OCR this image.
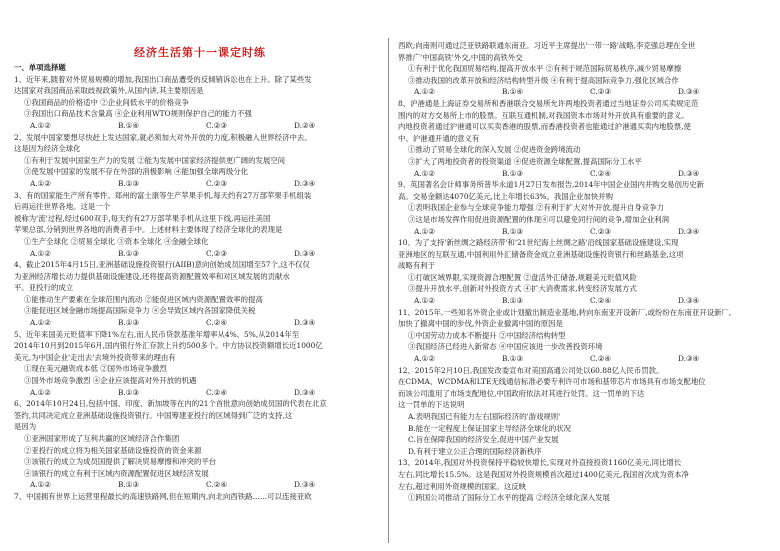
经济生活第十一课定时练

一、单项选择题

1、近年来,随着对外贸易规模的增加,我国出口商品遭受的反倾销诉讼也在上升。除了某些发

达国家对我国商品采取歧视政策外,从国内讲,其主要原因是

①我国商品的价格适中 ②企业间低水平的价格竞争

③我国出口商品技术含量高 ④企业利用WTO规则保护自己的能力不强

A.①②	B.①④	C.②③	D.②④

2、发展中国家要想尽快赶上发达国家,就必须加大对外开放的力度,积极融入世界经济中去。

这是因为经济全球化

①有利于发展中国家生产力的发展 ②能为发展中国家经济提供更广阔的发展空间

③使发展中国家的发展不存在外部的消极影响 ④能加强全球两级分化

A.①②	B.①③	C.②③	D.③④

3、有的国家能生产所有零件。郑州的富士康等生产苹果手机,每天约有27万部苹果手机组装

后再运往世界各地。这是一个

被称为'流'过程,经过600双手,每天约有27万部苹果手机从这里下线,再运往美国

苹果总部,分销到世界各地的消费者手中。上述材料主要体现了经济全球化的表现是

①生产全球化 ②贸易全球化 ③资本全球化 ④金融全球化

A.①②	B.①③	C.②③	D.③④

4、截止2015年4月15日,亚洲基础设施投资银行(AIIB)意向创始成员国增至57个,这不仅仅

为亚洲经济增长动力提供基础设施建设,还将提高资源配置效率和对区域发展的贡献水

平。亚投行的成立

①能推动生产要素在全球范围内流动 ②能促进区域内资源配置效率的提高

③能促进区域金融市场提高国际竞争力 ④会导致区域内各国家降低关税

A.①②	B.①③	C.②④	D.③④

5、近年来国美元贬值率下降1%左右,而人民币贷款基准年增率从4%、5%,从2014年至

2014年10月到2015年6月,国内银行外汇存款上升约500多个。中方协议投资额增长近1000亿

美元,为中国企业'走出去'去境外投资带来的理由有

①现在美元融资成本低 ②国外市场竞争激烈

③国外市场竞争激烈 ④企业应该提高对外开放的机遇

A.①②	B.①③	C.②④	D.③④

6、2014年10月24日,包括中国、印度、新加坡等在内的21个首批意向创始成员国的代表在北京

签约,共同决定成立亚洲基础设施投资银行。中国筹建亚投行的区域得到广泛的支持,这

是因为

①亚洲国家形成了互利共赢的区域经济合作集团

②亚投行的成立将为相关国家基础设施投资的资金来源

③该银行的成立为成员国提供了解决贸易摩擦和冲突的平台

④该银行的成立有利于区域内资源配置促进区域经济发展

A.①②	B.①③	C.②④	D.③④

7、中国拥有世界上运营里程最长的高速铁路网,但在短期内,向北向西铁路……可以连接亚欧

西欧;向南则可通过泛亚铁路联通东南亚。习近平主席提出'一带一路'战略,李克强总理在全世

界推广'中国高铁'外交,中国的高铁外交

①有利于优化我国贸易结构,提高开放水平 ②有利于规范国际贸易秩序,减少贸易摩擦

③推动我国的改革开放和经济结构转型升级 ④有利于提高国际竞争力,强化区域合作

A.①②	B.①④	C.②③	D.③④

8、沪港通是上海证券交易所和香港联合交易所允许两地投资者通过当地证券公司买卖规定范

围内的对方交易所上市的股票。互联互通机制,对我国资本市场对外开放具有重要的意义。

内地投资者通过沪港通可以买卖香港的股票,而香港投资者也能通过沪港通买卖内地股票,使

中、沪港通开通的意义有

①推动了贸易全球化的深入发展 ②促进资金跨境流动

③扩大了两地投资者的投资渠道 ④促进资源全球配置,提高国际分工水平

A.①②	B.①③	C.②④	D.③④

9、英国著名会计师事务所普华永道1月27日发布报告,2014年中国企业国内并购交易创历史新

高。交易金额达4070亿美元,比上年增长63%。我国企业加快并购

①表明我国企业参与全球竞争能力增强 ②有利于扩大对外开放,提升自身竞争力

③这是市场发挥作用促进资源配置的体现④可以避免同行间的竞争,增加企业利润

A.①②	B.①③	C.②③	D.③④

10、为了支持'新丝绸之路经济带'和'21世纪海上丝绸之路'沿线国家基础设施建设,实现

亚洲地区的互联互通,中国利用外汇储备资金成立亚洲基础设施投资银行和丝路基金,这项

战略有利于

①打破区域界限,实现资源合理配置 ②盘活外汇储备,规避美元贬值风险

③提升开放水平,创新对外投资方式 ④扩大消费需求,转变经济发展方式

A.①②	B.①③	C.②④	D.③④

11、2015年,一些知名外资企业或计划撤出制造业基地,转向东南亚开设新厂,或纷纷在东南亚开设新厂,

加快了撤离中国的步伐,外资企业撤离中国的原因是

①中国劳动力成本不断提升 ②中国经济结构转型

③我国经济已经进入新常态 ④中国应该进一步改善投资环境

A.①②	B.①③	C.②④	D.③④

12、2015年2月10日,我国发改委宣布对美国高通公司处以60.88亿人民币罚款。

在CDMA、WCDMA和LTE无线通信标准必要专利许可市场和基带芯片市场具有市场支配地位

而该公司滥用了市场支配地位,中国政府依法对其进行处罚。这一罚单的下达

这一罚单的下达说明

A.表明我国已有能力左右国际经济的'游戏规则'

B.能在一定程度上保证国家主导经济全球化的状况

C.旨在保障我国的经济安全,促进中国产业发展

D.有利于建立公正合理的国际经济新秩序

13、2014年,我国对外投资保持平稳较快增长,实现对外直接投资1160亿美元,同比增长

左右,同比增长15.5%。这是我国对外投资规模首次超过1400亿美元,我国首次成为资本净

左右,超过利用外资规模的国家。这反映

①跨国公司推动了国际分工水平的提高 ②经济全球化深入发展
